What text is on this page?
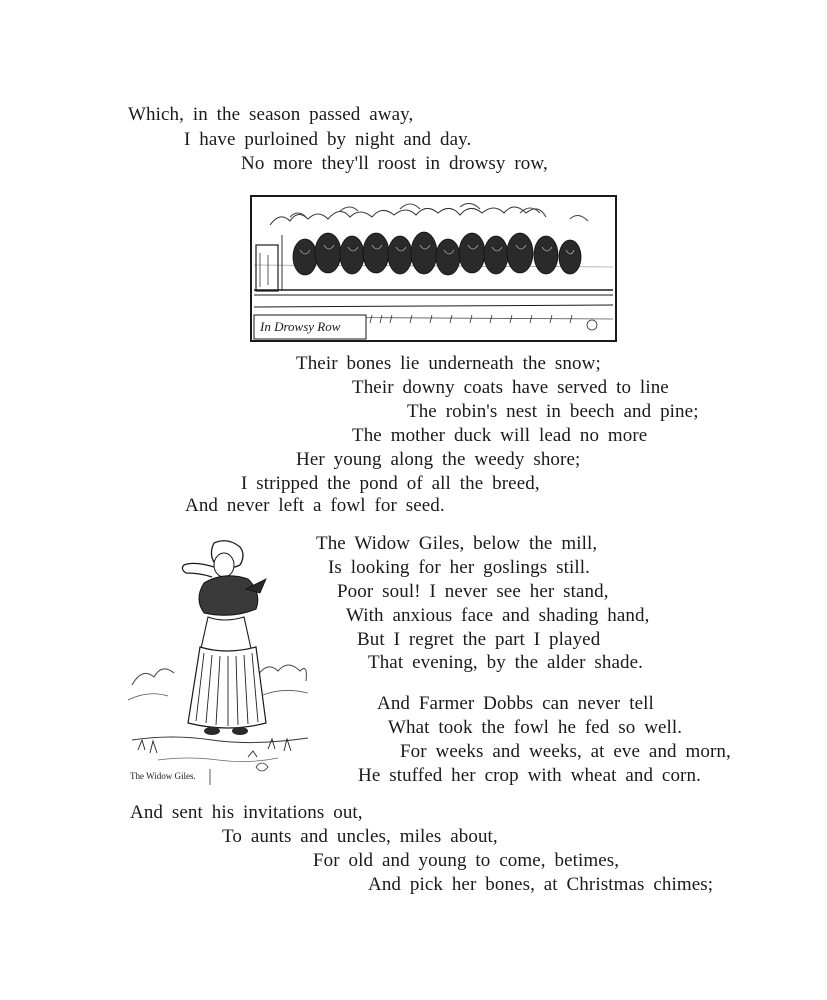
Which, in the season passed away,
I have purloined by night and day.
No more they'll roost in drowsy row,
In Drowsy Row
Their bones lie underneath the snow;
Their downy coats have served to line
The robin's nest in beech and pine;
The mother duck will lead no more
Her young along the weedy shore;
I stripped the pond of all the breed,
And never left a fowl for seed.
The Widow Giles.
The Widow Giles, below the mill,
Is looking for her goslings still.
Poor soul! I never see her stand,
With anxious face and shading hand,
But I regret the part I played
That evening, by the alder shade.
And Farmer Dobbs can never tell
What took the fowl he fed so well.
For weeks and weeks, at eve and morn,
He stuffed her crop with wheat and corn.
And sent his invitations out,
To aunts and uncles, miles about,
For old and young to come, betimes,
And pick her bones, at Christmas chimes;
